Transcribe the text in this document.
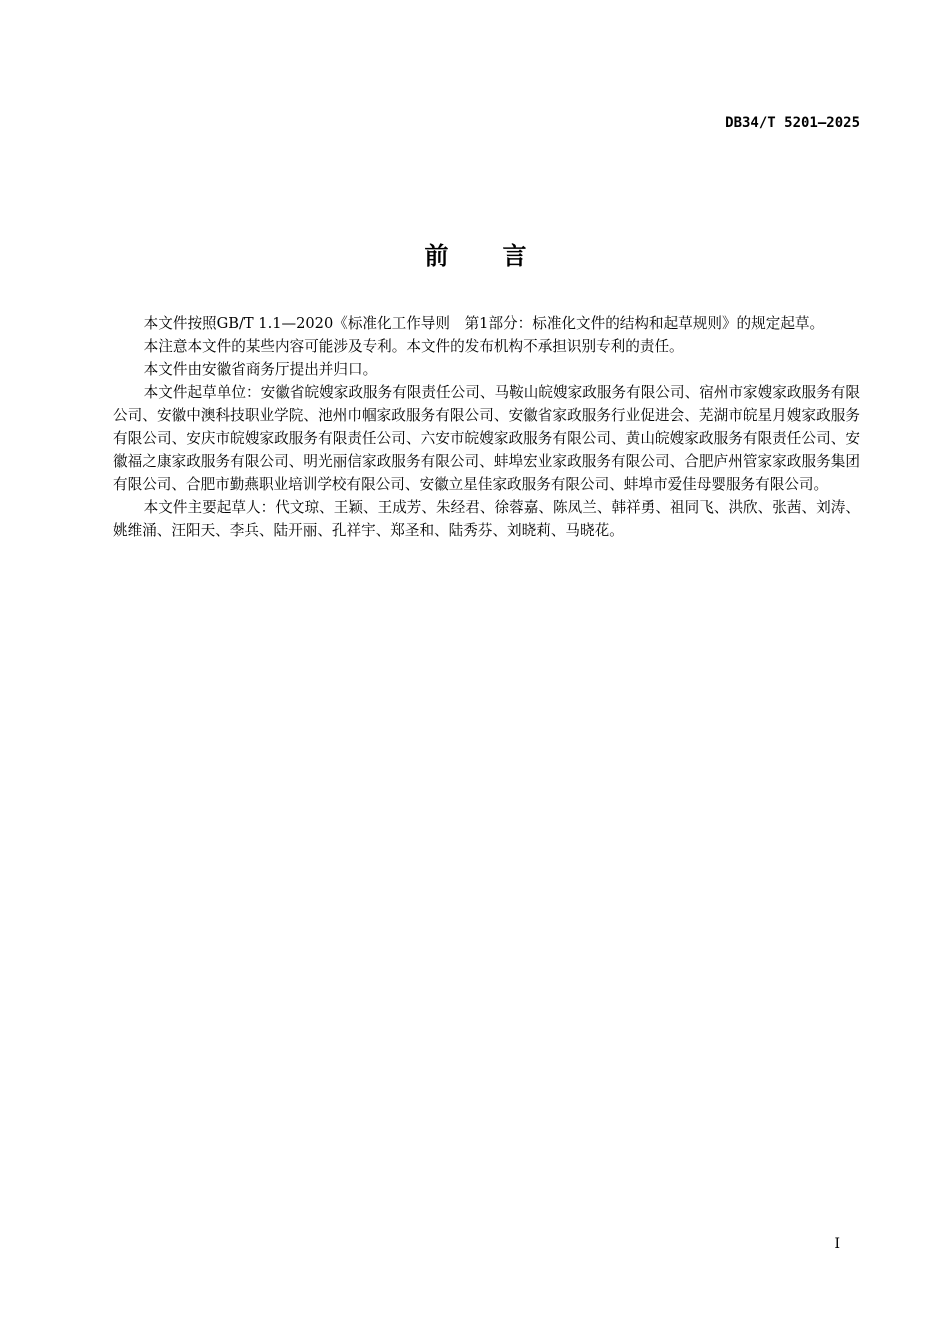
DB34/T 5201—2025
前言

本文件按照GB/T 1.1—2020《标准化工作导则　第1部分：标准化文件的结构和起草规则》的规定起草。

本注意本文件的某些内容可能涉及专利。本文件的发布机构不承担识别专利的责任。

本文件由安徽省商务厅提出并归口。

本文件起草单位：安徽省皖嫂家政服务有限责任公司、马鞍山皖嫂家政服务有限公司、宿州市家嫂家政服务有限公司、安徽中澳科技职业学院、池州巾帼家政服务有限公司、安徽省家政服务行业促进会、芜湖市皖星月嫂家政服务有限公司、安庆市皖嫂家政服务有限责任公司、六安市皖嫂家政服务有限公司、黄山皖嫂家政服务有限责任公司、安徽福之康家政服务有限公司、明光丽信家政服务有限公司、蚌埠宏业家政服务有限公司、合肥庐州管家家政服务集团有限公司、合肥市勤燕职业培训学校有限公司、安徽立星佳家政服务有限公司、蚌埠市爱佳母婴服务有限公司。

本文件主要起草人：代文琼、王颖、王成芳、朱经君、徐蓉嘉、陈凤兰、韩祥勇、祖同飞、洪欣、张茜、刘涛、姚维涌、汪阳天、李兵、陆开丽、孔祥宇、郑圣和、陆秀芬、刘晓莉、马晓花。

I
